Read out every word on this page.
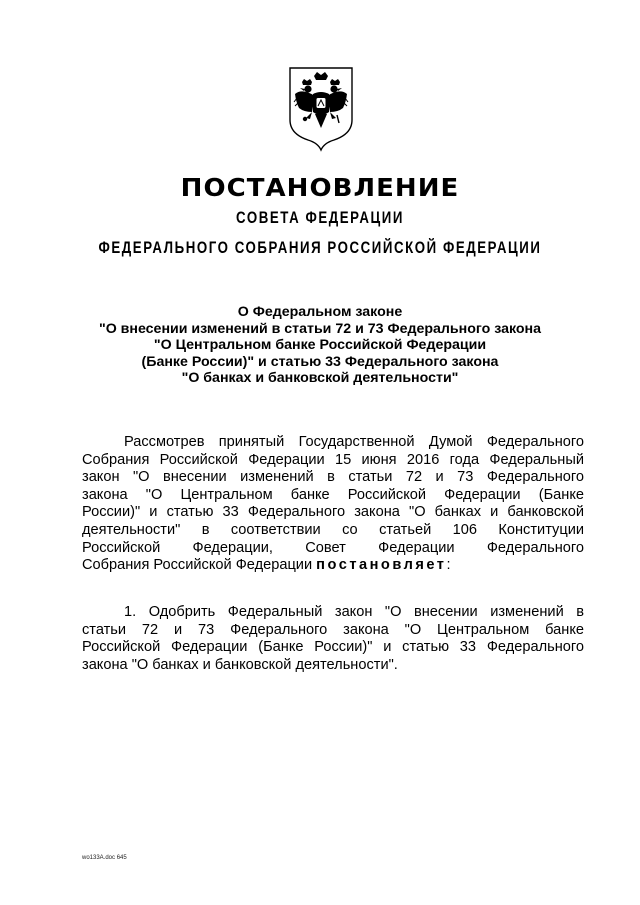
ПОСТАНОВЛЕНИЕ
СОВЕТА ФЕДЕРАЦИИ
ФЕДЕРАЛЬНОГО СОБРАНИЯ РОССИЙСКОЙ ФЕДЕРАЦИИ
О Федеральном законе
"О внесении изменений в статьи 72 и 73 Федерального закона
"О Центральном банке Российской Федерации
(Банке России)" и статью 33 Федерального закона
"О банках и банковской деятельности"
Рассмотрев принятый Государственной Думой Федерального
Собрания Российской Федерации 15 июня 2016 года Федеральный
закон "О внесении изменений в статьи 72 и 73 Федерального
закона "О Центральном банке Российской Федерации (Банке
России)" и статью 33 Федерального закона "О банках и банковской
деятельности" в соответствии со статьей 106 Конституции
Российской Федерации, Совет Федерации Федерального
Собрания Российской Федерации постановляет:
1. Одобрить Федеральный закон "О внесении изменений в
статьи 72 и 73 Федерального закона "О Центральном банке
Российской Федерации (Банке России)" и статью 33 Федерального
закона "О банках и банковской деятельности".
wo133A.doc 645
